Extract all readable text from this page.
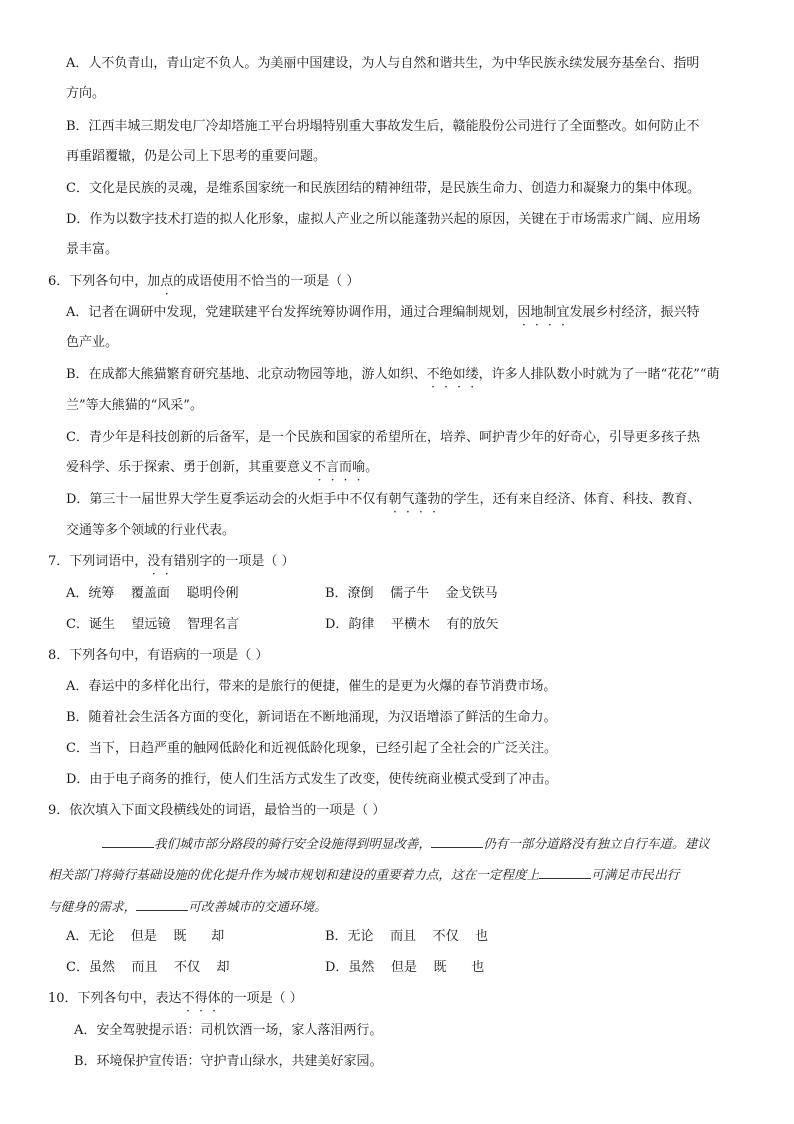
A．人不负青山，青山定不负人。为美丽中国建设，为人与自然和谐共生，为中华民族永续发展夯基垒台、指明
方向。
B．江西丰城三期发电厂冷却塔施工平台坍塌特别重大事故发生后，赣能股份公司进行了全面整改。如何防止不
再重蹈覆辙，仍是公司上下思考的重要问题。
C．文化是民族的灵魂，是维系国家统一和民族团结的精神纽带，是民族生命力、创造力和凝聚力的集中体现。
D．作为以数字技术打造的拟人化形象，虚拟人产业之所以能蓬勃兴起的原因，关键在于市场需求广阔、应用场
景丰富。
6．下列各句中，加点的成语使用不恰当的一项是（ ）
A．记者在调研中发现，党建联建平台发挥统筹协调作用，通过合理编制规划，因地制宜发展乡村经济，振兴特
色产业。
B．在成都大熊猫繁育研究基地、北京动物园等地，游人如织、不绝如缕，许多人排队数小时就为了一睹“花花”“萌
兰”等大熊猫的“风采”。
C．青少年是科技创新的后备军，是一个民族和国家的希望所在，培养、呵护青少年的好奇心，引导更多孩子热
爱科学、乐于探索、勇于创新，其重要意义不言而喻。
D．第三十一届世界大学生夏季运动会的火炬手中不仅有朝气蓬勃的学生，还有来自经济、体育、科技、教育、
交通等多个领域的行业代表。
7．下列词语中，没有错别字的一项是（ ）
A．统筹    覆盖面    聪明伶俐	B．潦倒    儒子牛    金戈铁马
C．诞生    望远镜    智理名言	D．韵律    平横木    有的放矢
8．下列各句中，有语病的一项是（ ）
A．春运中的多样化出行，带来的是旅行的便捷，催生的是更为火爆的春节消费市场。
B．随着社会生活各方面的变化，新词语在不断地涌现，为汉语增添了鲜活的生命力。
C．当下，日趋严重的触网低龄化和近视低龄化现象，已经引起了全社会的广泛关注。
D．由于电子商务的推行，使人们生活方式发生了改变，使传统商业模式受到了冲击。
9．依次填入下面文段横线处的词语，最恰当的一项是（ ）
我们城市部分路段的骑行安全设施得到明显改善，	仍有一部分道路没有独立自行车道。建议
相关部门将骑行基础设施的优化提升作为城市规划和建设的重要着力点，这在一定程度上	可满足市民出行
与健身的需求，	可改善城市的交通环境。
A．无论    但是    既      却	B．无论    而且    不仅    也
C．虽然    而且    不仅    却	D．虽然    但是    既      也
10．下列各句中，表达不得体的一项是（ ）
A．安全驾驶提示语：司机饮酒一场，家人落泪两行。
B．环境保护宣传语：守护青山绿水，共建美好家园。
